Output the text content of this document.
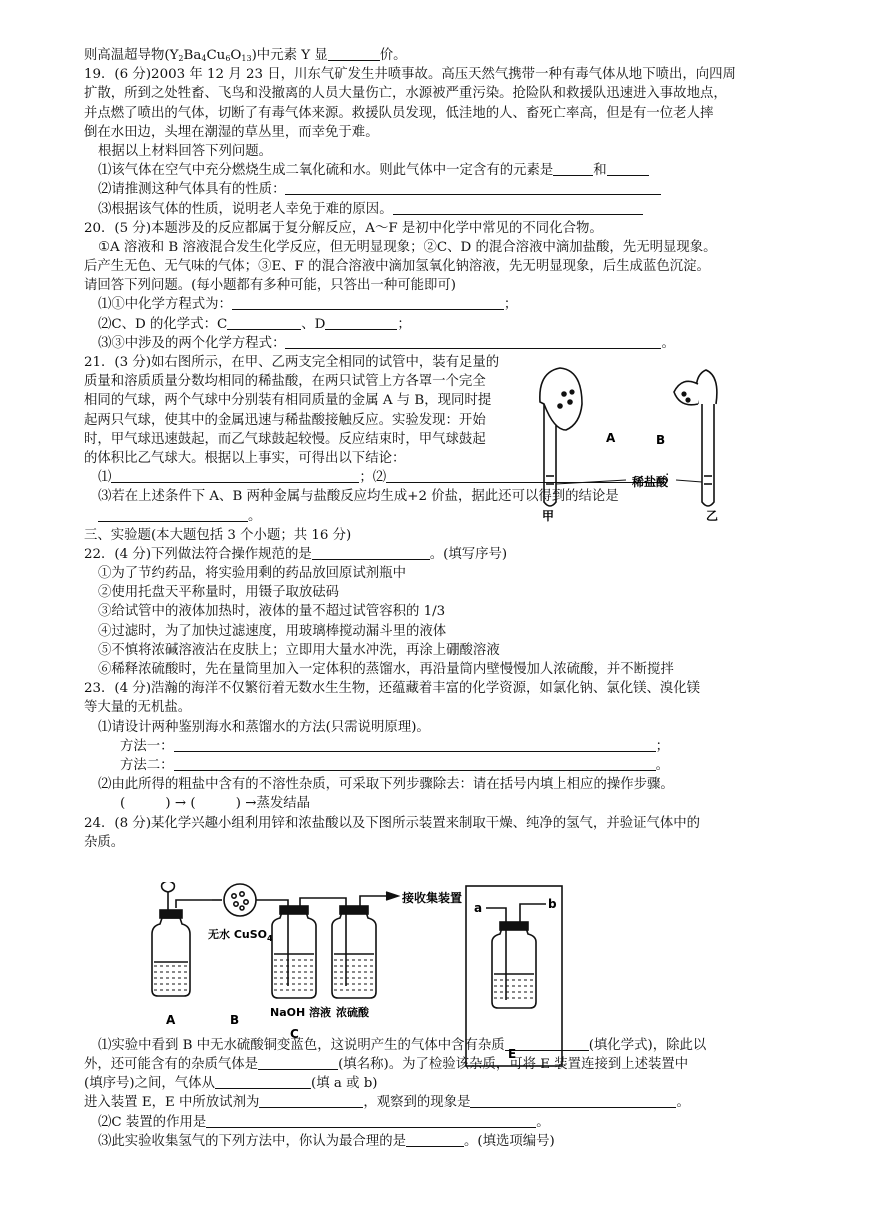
则高温超导物$(Y_2Ba_4Cu_6O_{13})$中元素 Y 显	价。
19．(6 分)2003 年 12 月 23 日，川东气矿发生井喷事故。高压天然气携带一种有毒气体从地下喷出，向四周
扩散，所到之处牲畜、飞鸟和没撤离的人员大量伤亡，水源被严重污染。抢险队和救援队迅速进入事故地点，
并点燃了喷出的气体，切断了有毒气体来源。救援队员发现，低洼地的人、畜死亡率高，但是有一位老人摔
倒在水田边，头埋在潮湿的草丛里，而幸免于难。
根据以上材料回答下列问题。
⑴该气体在空气中充分燃烧生成二氧化硫和水。则此气体中一定含有的元素是	和
⑵请推测这种气体具有的性质：
⑶根据该气体的性质，说明老人幸免于难的原因。
20．(5 分)本题涉及的反应都属于复分解反应，A～F 是初中化学中常见的不同化合物。
①A 溶液和 B 溶液混合发生化学反应，但无明显现象；②C、D 的混合溶液中滴加盐酸，先无明显现象。
后产生无色、无气味的气体；③E、F 的混合溶液中滴加氢氧化钠溶液，先无明显现象，后生成蓝色沉淀。
请回答下列问题。(每小题都有多种可能，只答出一种可能即可)
⑴①中化学方程式为：	；
⑵C、D 的化学式：C	、D	；
⑶③中涉及的两个化学方程式：	。
21．(3 分)如右图所示，在甲、乙两支完全相同的试管中，装有足量的
质量和溶质质量分数均相同的稀盐酸，在两只试管上方各罩一个完全
相同的气球，两个气球中分别装有相同质量的金属 A 与 B，现同时提
起两只气球，使其中的金属迅速与稀盐酸接触反应。实验发现：开始
时，甲气球迅速鼓起，而乙气球鼓起较慢。反应结束时，甲气球鼓起
的体积比乙气球大。根据以上事实，可得出以下结论：
⑴	；⑵	；
⑶若在上述条件下 A、B 两种金属与盐酸反应均生成+2 价盐，据此还可以得到的结论是
。
三、实验题(本大题包括 3 个小题；共 16 分)
22．(4 分)下列做法符合操作规范的是	。(填写序号)
①为了节约药品，将实验用剩的药品放回原试剂瓶中
②使用托盘天平称量时，用镊子取放砝码
③给试管中的液体加热时，液体的量不超过试管容积的 1/3
④过滤时，为了加快过滤速度，用玻璃棒搅动漏斗里的液体
⑤不慎将浓碱溶液沾在皮肤上；立即用大量水冲洗，再涂上硼酸溶液
⑥稀释浓硫酸时，先在量筒里加入一定体积的蒸馏水，再沿量筒内壁慢慢加人浓硫酸，并不断搅拌
23．(4 分)浩瀚的海洋不仅繁衍着无数水生生物，还蕴藏着丰富的化学资源，如氯化钠、氯化镁、溴化镁
等大量的无机盐。
⑴请设计两种鉴别海水和蒸馏水的方法(只需说明原理)。
方法一：	；
方法二：	。
⑵由此所得的粗盐中含有的不溶性杂质，可采取下列步骤除去：请在括号内填上相应的操作步骤。
(　　　) → (　　　) →蒸发结晶
24．(8 分)某化学兴趣小组利用锌和浓盐酸以及下图所示装置来制取干燥、纯净的氢气，并验证气体中的
杂质。
⑴实验中看到 B 中无水硫酸铜变蓝色，这说明产生的气体中含有杂质	(填化学式)，除此以
外，还可能含有的杂质气体是	(填名称)。为了检验该杂质，可将 E 装置连接到上述装置中
(填序号)之间，气体从	(填 a 或 b)
进入装置 E，E 中所放试剂为	，观察到的现象是	。
⑵C 装置的作用是	。
⑶此实验收集氢气的下列方法中，你认为最合理的是	。(填选项编号)
A	B
稀盐酸
甲	乙
接收集装置
无水 CuSO$_4$
NaOH 溶液 浓硫酸
A	B
C
E
a	b
